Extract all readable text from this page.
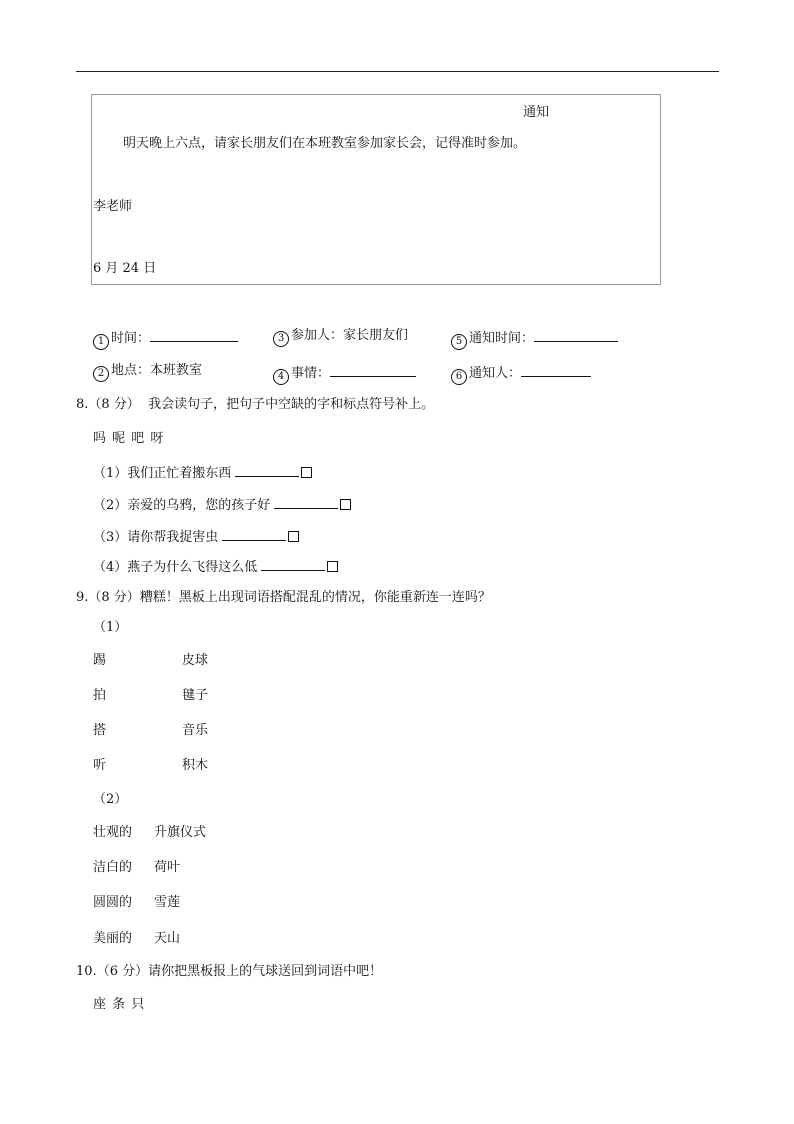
通知
明天晚上六点，请家长朋友们在本班教室参加家长会，记得准时参加。
李老师
6 月 24 日
1 时间：	3 参加人：家长朋友们	5 通知时间：
2 地点：本班教室	4 事情：	6 通知人：
8.（8 分） 我会读句子，把句子中空缺的字和标点符号补上。
吗 呢 吧 呀
（1）我们正忙着搬东西
（2）亲爱的乌鸦，您的孩子好
（3）请你帮我捉害虫
（4）燕子为什么飞得这么低
9.（8 分）糟糕！黑板上出现词语搭配混乱的情况，你能重新连一连吗？
（1）
踢	皮球
拍	毽子
搭	音乐
听	积木
（2）
壮观的 升旗仪式
洁白的 荷叶
圆圆的 雪莲
美丽的 天山
10.（6 分）请你把黑板报上的气球送回到词语中吧！
座 条 只
